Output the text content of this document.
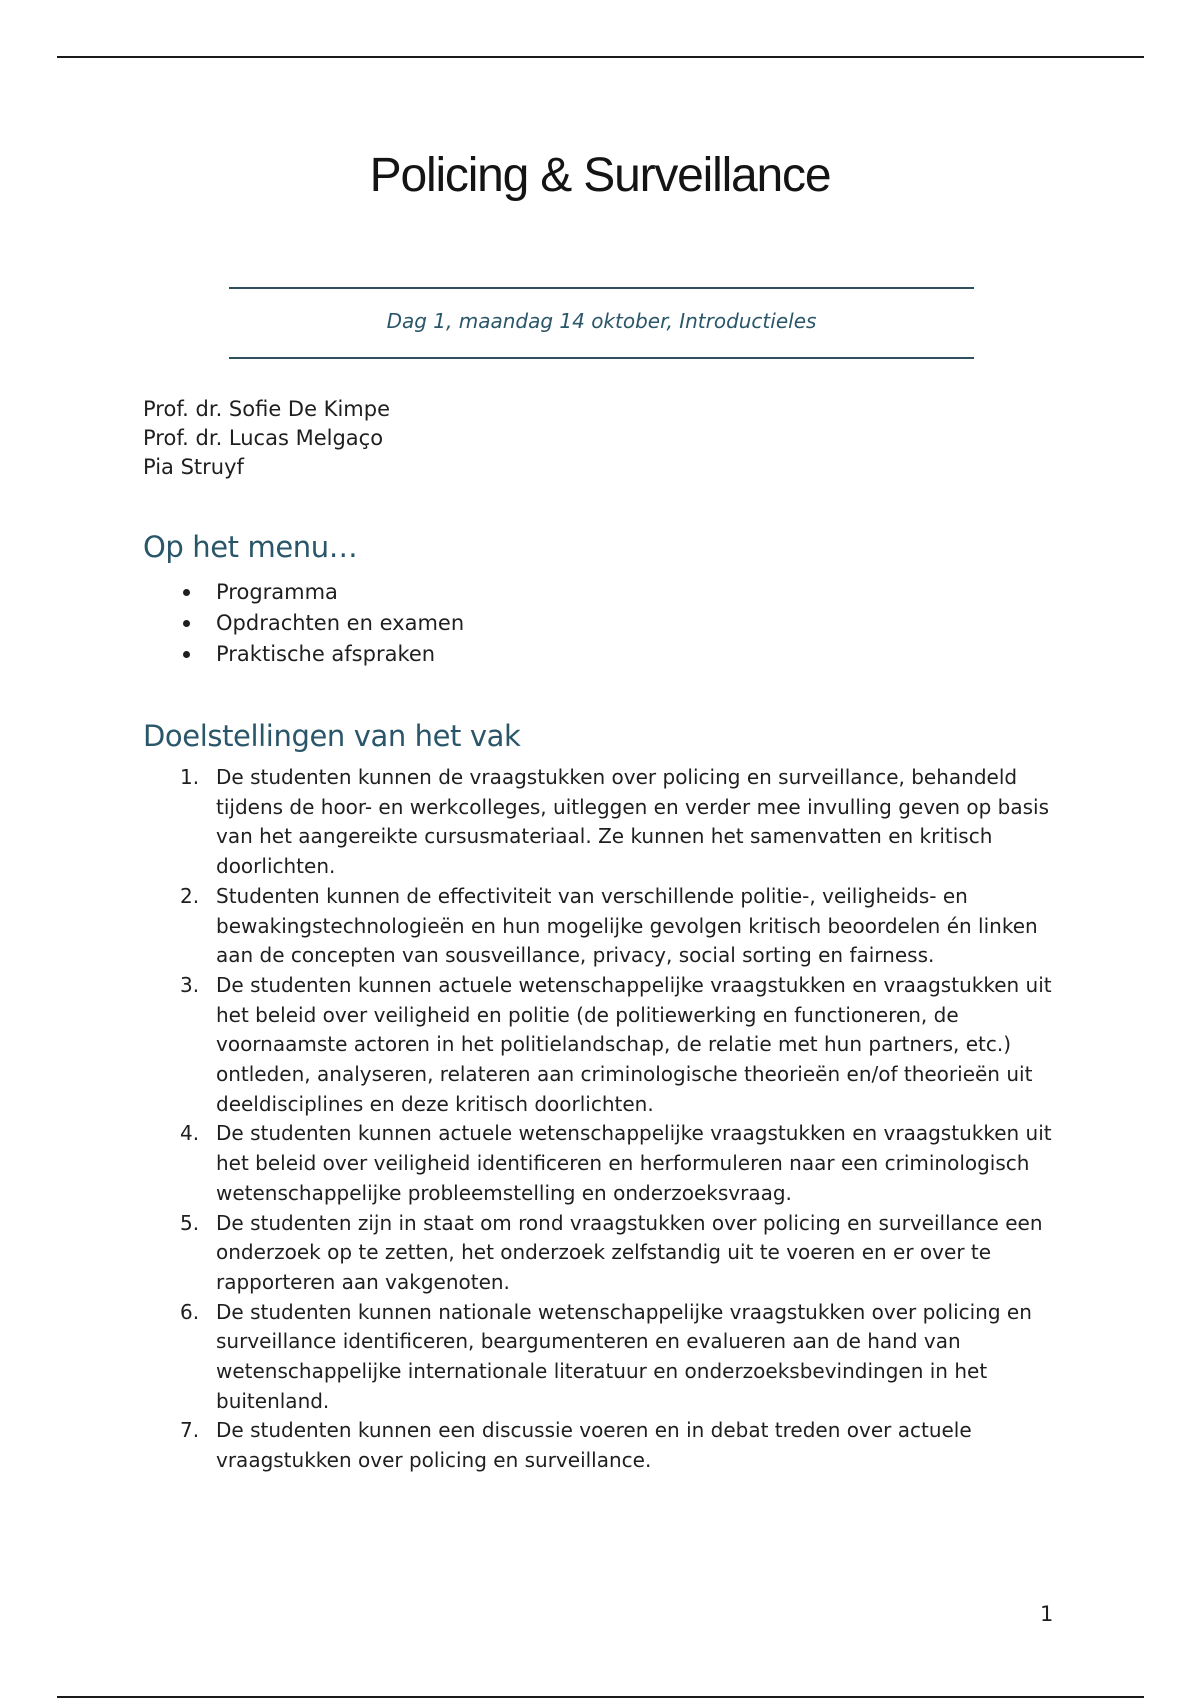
Policing & Surveillance
Dag 1, maandag 14 oktober, Introductieles
Prof. dr. Sofie De Kimpe
Prof. dr. Lucas Melgaço
Pia Struyf
Op het menu…
Programma
Opdrachten en examen
Praktische afspraken
Doelstellingen van het vak
1. De studenten kunnen de vraagstukken over policing en surveillance, behandeld tijdens de hoor- en werkcolleges, uitleggen en verder mee invulling geven op basis van het aangereikte cursusmateriaal. Ze kunnen het samenvatten en kritisch doorlichten.
2. Studenten kunnen de effectiviteit van verschillende politie-, veiligheids- en bewakingstechnologieën en hun mogelijke gevolgen kritisch beoordelen én linken aan de concepten van sousveillance, privacy, social sorting en fairness.
3. De studenten kunnen actuele wetenschappelijke vraagstukken en vraagstukken uit het beleid over veiligheid en politie (de politiewerking en functioneren, de voornaamste actoren in het politielandschap, de relatie met hun partners, etc.) ontleden, analyseren, relateren aan criminologische theorieën en/of theorieën uit deeldisciplines en deze kritisch doorlichten.
4. De studenten kunnen actuele wetenschappelijke vraagstukken en vraagstukken uit het beleid over veiligheid identificeren en herformuleren naar een criminologisch wetenschappelijke probleemstelling en onderzoeksvraag.
5. De studenten zijn in staat om rond vraagstukken over policing en surveillance een onderzoek op te zetten, het onderzoek zelfstandig uit te voeren en er over te rapporteren aan vakgenoten.
6. De studenten kunnen nationale wetenschappelijke vraagstukken over policing en surveillance identificeren, beargumenteren en evalueren aan de hand van wetenschappelijke internationale literatuur en onderzoeksbevindingen in het buitenland.
7. De studenten kunnen een discussie voeren en in debat treden over actuele vraagstukken over policing en surveillance.
1
